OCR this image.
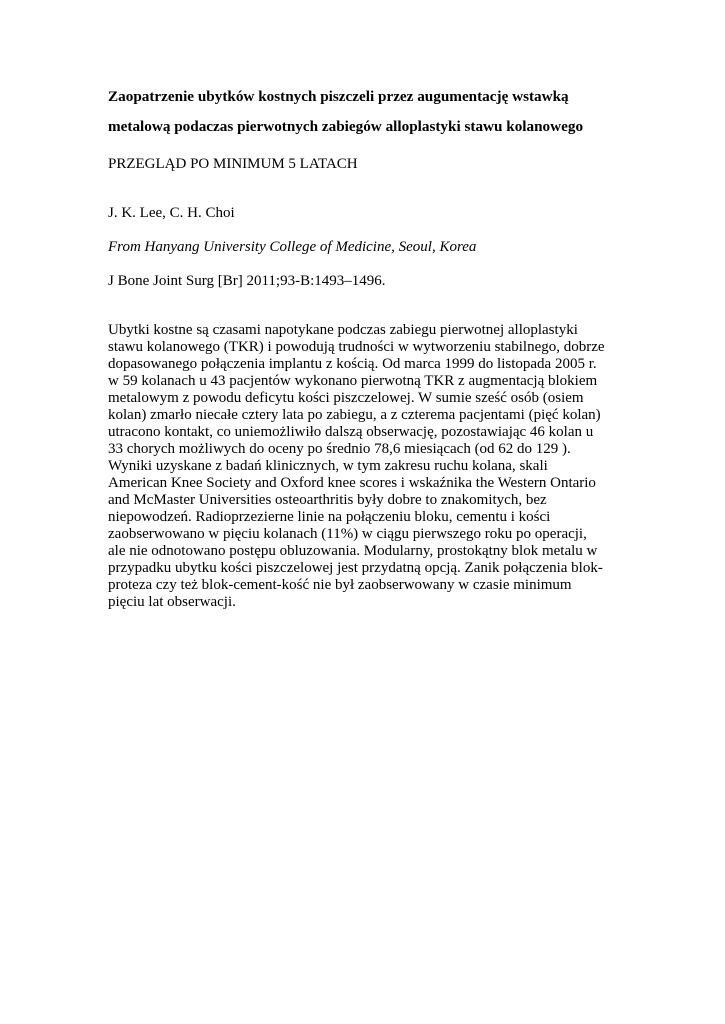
Zaopatrzenie ubytków kostnych piszczeli przez augumentację wstawką
metalową podaczas pierwotnych zabiegów alloplastyki stawu kolanowego
PRZEGLĄD PO MINIMUM 5 LATACH
J. K. Lee, C. H. Choi
From Hanyang University College of Medicine, Seoul, Korea
J Bone Joint Surg [Br] 2011;93-B:1493–1496.
Ubytki kostne są czasami napotykane podczas zabiegu pierwotnej alloplastyki
stawu kolanowego (TKR) i powodują trudności w wytworzeniu stabilnego, dobrze
dopasowanego połączenia implantu z kością. Od marca 1999 do listopada 2005 r.
w 59 kolanach u 43 pacjentów wykonano pierwotną TKR z augmentacją blokiem
metalowym z powodu deficytu kości piszczelowej. W sumie sześć osób (osiem
kolan) zmarło niecałe cztery lata po zabiegu, a z czterema pacjentami (pięć kolan)
utracono kontakt, co uniemożliwiło dalszą obserwację, pozostawiając 46 kolan u
33 chorych możliwych do oceny po średnio 78,6 miesiącach (od 62 do 129 ).
Wyniki uzyskane z badań klinicznych, w tym zakresu ruchu kolana, skali
American Knee Society and Oxford knee scores i wskaźnika the Western Ontario
and McMaster Universities osteoarthritis były dobre to znakomitych, bez
niepowodzeń. Radioprzezierne linie na połączeniu bloku, cementu i kości
zaobserwowano w pięciu kolanach (11%) w ciągu pierwszego roku po operacji,
ale nie odnotowano postępu obluzowania. Modularny, prostokątny blok metalu w
przypadku ubytku kości piszczelowej jest przydatną opcją. Zanik połączenia blok-
proteza czy też blok-cement-kość nie był zaobserwowany w czasie minimum
pięciu lat obserwacji.
